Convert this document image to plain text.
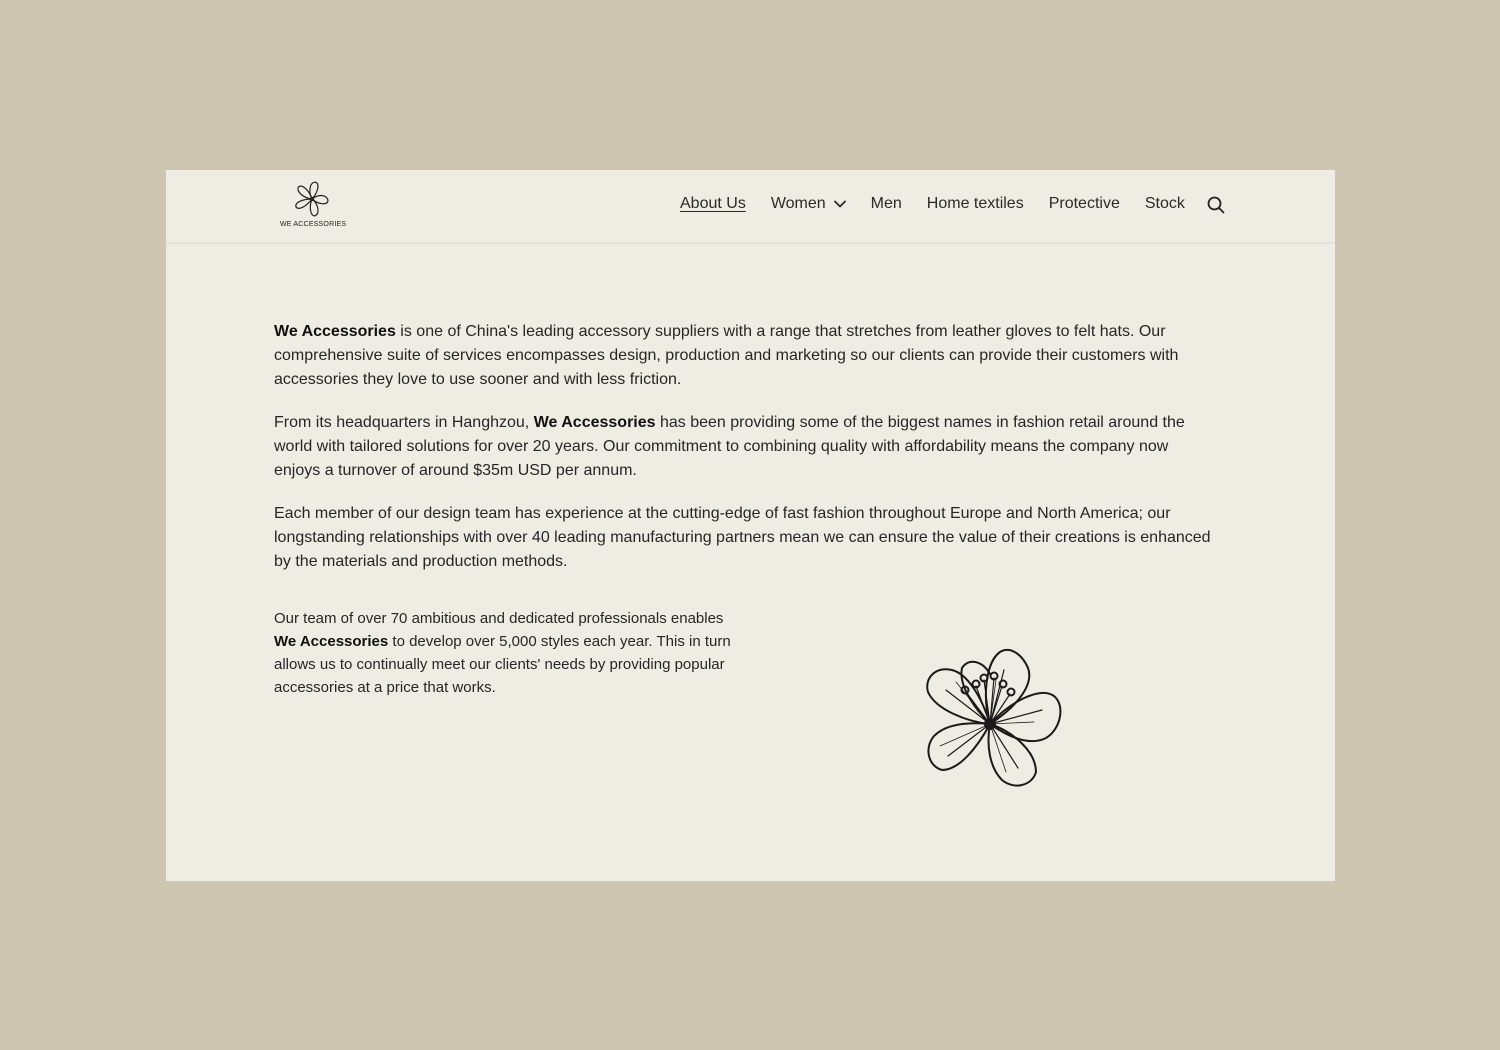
WE ACCESSORIES
About Us Women	Men Home textiles Protective Stock

We Accessories is one of China's leading accessory suppliers with a range that stretches from leather gloves to felt hats. Our comprehensive suite of services encompasses design, production and marketing so our clients can provide their customers with accessories they love to use sooner and with less friction.

From its headquarters in Hanghzou, We Accessories has been providing some of the biggest names in fashion retail around the world with tailored solutions for over 20 years. Our commitment to combining quality with affordability means the company now enjoys a turnover of around $35m USD per annum.

Each member of our design team has experience at the cutting-edge of fast fashion throughout Europe and North America; our longstanding relationships with over 40 leading manufacturing partners mean we can ensure the value of their creations is enhanced by the materials and production methods.

Our team of over 70 ambitious and dedicated professionals enables We Accessories to develop over 5,000 styles each year. This in turn allows us to continually meet our clients' needs by providing popular accessories at a price that works.
